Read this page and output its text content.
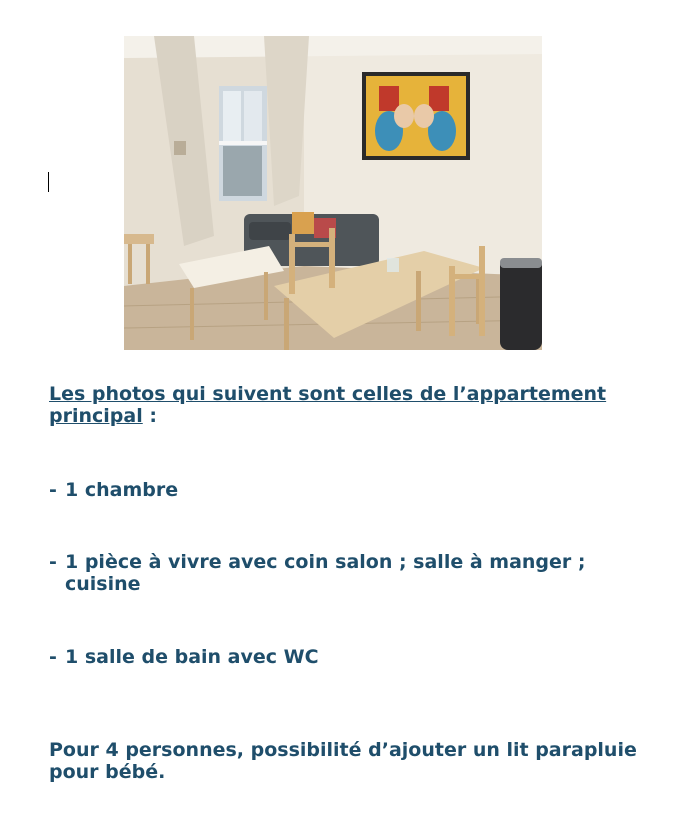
Les photos qui suivent sont celles de l’appartement principal :
- 1 chambre
- 1 pièce à vivre avec coin salon ; salle à manger ; cuisine
- 1 salle de bain avec WC
Pour 4 personnes, possibilité d’ajouter un lit parapluie pour bébé.
